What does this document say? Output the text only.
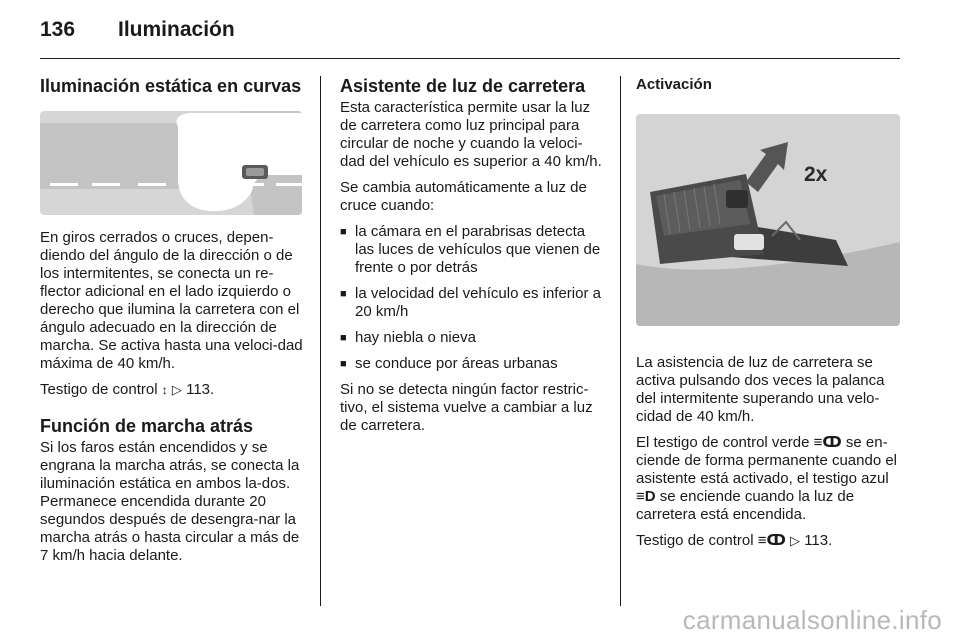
136 Iluminación
Iluminación estática en curvas

En giros cerrados o cruces, depen-diendo del ángulo de la dirección o de los intermitentes, se conecta un re-flector adicional en el lado izquierdo o derecho que ilumina la carretera con el ángulo adecuado en la dirección de marcha. Se activa hasta una veloci-dad máxima de 40 km/h.

Testigo de control ↕︎ ▷ 113.

Función de marcha atrás

Si los faros están encendidos y se engrana la marcha atrás, se conecta la iluminación estática en ambos la-dos. Permanece encendida durante 20 segundos después de desengra-nar la marcha atrás o hasta circular a más de 7 km/h hacia delante.

Asistente de luz de carretera

Esta característica permite usar la luz de carretera como luz principal para circular de noche y cuando la veloci-dad del vehículo es superior a 40 km/h.

Se cambia automáticamente a luz de cruce cuando:

■ la cámara en el parabrisas detecta las luces de vehículos que vienen de frente o por detrás
■ la velocidad del vehículo es inferior a 20 km/h
■ hay niebla o nieva
■ se conduce por áreas urbanas

Si no se detecta ningún factor restric-tivo, el sistema vuelve a cambiar a luz de carretera.

Activación
2x

La asistencia de luz de carretera se activa pulsando dos veces la palanca del intermitente superando una velo-cidad de 40 km/h.

El testigo de control verde ≡ↀ se en-ciende de forma permanente cuando el asistente está activado, el testigo azul ≡D se enciende cuando la luz de carretera está encendida.

Testigo de control ≡ↀ ▷ 113.

carmanualsonline.info
